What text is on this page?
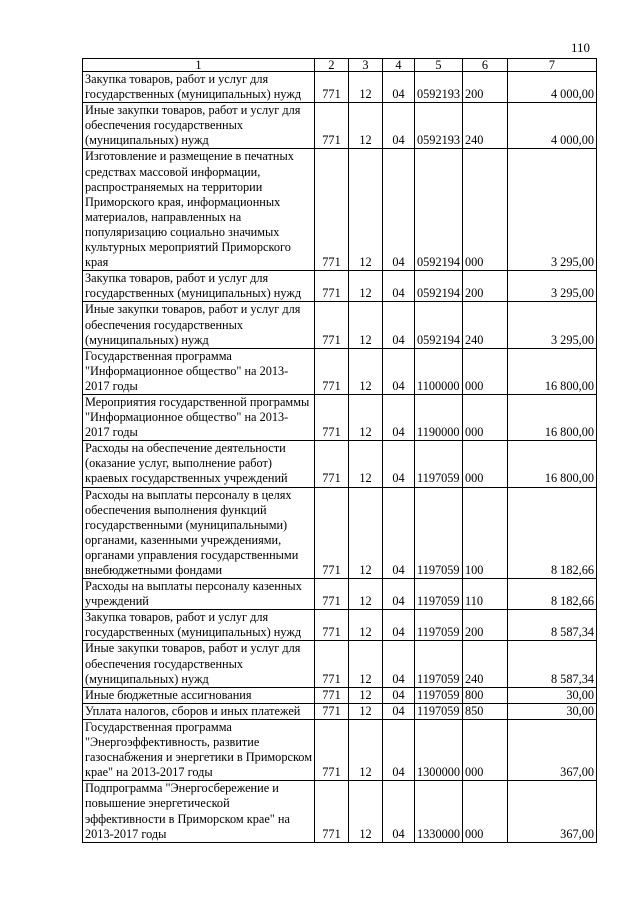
110
1	2	3	4	5	6	7
Закупка товаров, работ и услуг для государственных (муниципальных) нужд	771	12	04	0592193	200	4 000,00
Иные закупки товаров, работ и услуг для обеспечения государственных (муниципальных) нужд	771	12	04	0592193	240	4 000,00
Изготовление и размещение в печатных средствах массовой информации, распространяемых на территории Приморского края, информационных материалов, направленных на популяризацию социально значимых культурных мероприятий Приморского края	771	12	04	0592194	000	3 295,00
Закупка товаров, работ и услуг для государственных (муниципальных) нужд	771	12	04	0592194	200	3 295,00
Иные закупки товаров, работ и услуг для обеспечения государственных (муниципальных) нужд	771	12	04	0592194	240	3 295,00
Государственная программа "Информационное общество" на 2013-2017 годы	771	12	04	1100000	000	16 800,00
Мероприятия государственной программы "Информационное общество" на 2013-2017 годы	771	12	04	1190000	000	16 800,00
Расходы на обеспечение деятельности (оказание услуг, выполнение работ) краевых государственных учреждений	771	12	04	1197059	000	16 800,00
Расходы на выплаты персоналу в целях обеспечения выполнения функций государственными (муниципальными) органами, казенными учреждениями, органами управления государственными внебюджетными фондами	771	12	04	1197059	100	8 182,66
Расходы на выплаты персоналу казенных учреждений	771	12	04	1197059	110	8 182,66
Закупка товаров, работ и услуг для государственных (муниципальных) нужд	771	12	04	1197059	200	8 587,34
Иные закупки товаров, работ и услуг для обеспечения государственных (муниципальных) нужд	771	12	04	1197059	240	8 587,34
Иные бюджетные ассигнования	771	12	04	1197059	800	30,00
Уплата налогов, сборов и иных платежей	771	12	04	1197059	850	30,00
Государственная программа "Энергоэффективность, развитие газоснабжения и энергетики в Приморском крае" на 2013-2017 годы	771	12	04	1300000	000	367,00
Подпрограмма "Энергосбережение и повышение энергетической эффективности в Приморском крае" на 2013-2017 годы	771	12	04	1330000	000	367,00
